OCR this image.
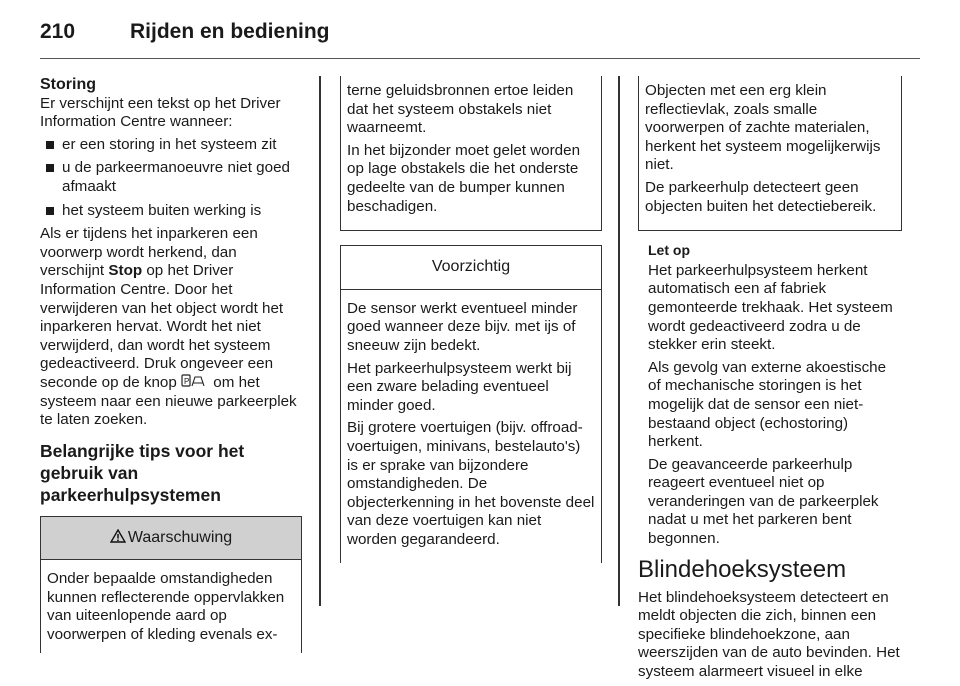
210	Rijden en bediening
Storing

Er verschijnt een tekst op het Driver Information Centre wanneer:

er een storing in het systeem zit
u de parkeermanoeuvre niet goed afmaakt
het systeem buiten werking is

Als er tijdens het inparkeren een voorwerp wordt herkend, dan verschijnt Stop op het Driver Information Centre. Door het verwijderen van het object wordt het inparkeren hervat. Wordt het niet verwijderd, dan wordt het systeem gedeactiveerd. Druk ongeveer een seconde op de knop P om het systeem naar een nieuwe parkeerplek te laten zoeken.

Belangrijke tips voor het gebruik van parkeerhulpsystemen
Waarschuwing
Onder bepaalde omstandigheden kunnen reflecterende oppervlakken van uiteenlopende aard op voorwerpen of kleding evenals ex-

terne geluidsbronnen ertoe leiden dat het systeem obstakels niet waarneemt.

In het bijzonder moet gelet worden op lage obstakels die het onderste gedeelte van de bumper kunnen beschadigen.

Voorzichtig

De sensor werkt eventueel minder goed wanneer deze bijv. met ijs of sneeuw zijn bedekt.

Het parkeerhulpsysteem werkt bij een zware belading eventueel minder goed.

Bij grotere voertuigen (bijv. offroad-voertuigen, minivans, bestelauto's) is er sprake van bijzondere omstandigheden. De objecterkenning in het bovenste deel van deze voertuigen kan niet worden gegarandeerd.

Objecten met een erg klein reflectievlak, zoals smalle voorwerpen of zachte materialen, herkent het systeem mogelijkerwijs niet.

De parkeerhulp detecteert geen objecten buiten het detectiebereik.

Let op

Het parkeerhulpsysteem herkent automatisch een af fabriek gemonteerde trekhaak. Het systeem wordt gedeactiveerd zodra u de stekker erin steekt.

Als gevolg van externe akoestische of mechanische storingen is het mogelijk dat de sensor een niet-bestaand object (echostoring) herkent.

De geavanceerde parkeerhulp reageert eventueel niet op veranderingen van de parkeerplek nadat u met het parkeren bent begonnen.

Blindehoeksysteem

Het blindehoeksysteem detecteert en meldt objecten die zich, binnen een specifieke blindehoekzone, aan weerszijden van de auto bevinden. Het systeem alarmeert visueel in elke
